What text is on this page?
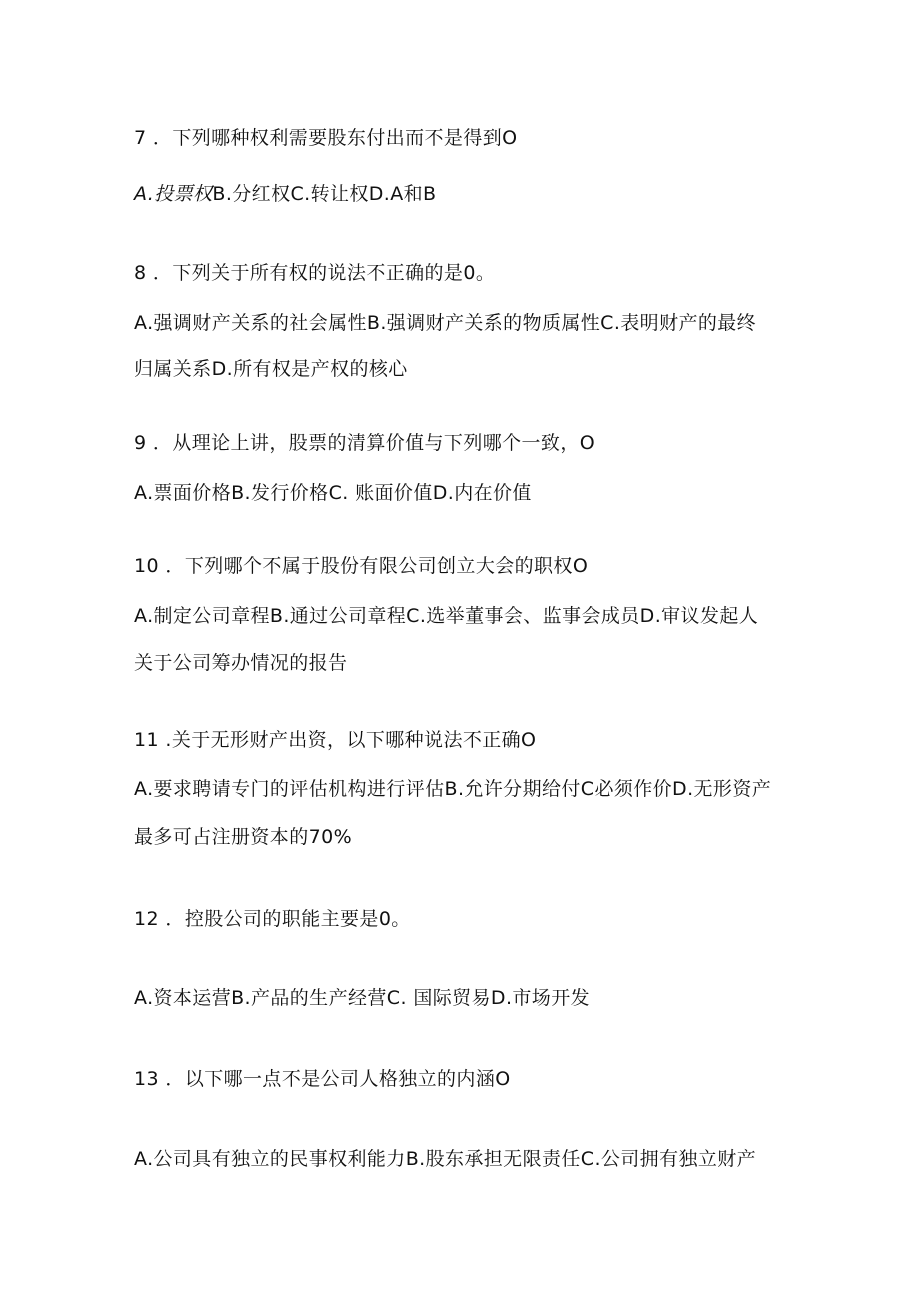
7 ．下列哪种权利需要股东付出而不是得到O
A.投票权B.分红权C.转让权D.A和B
8 ．下列关于所有权的说法不正确的是0。
A.强调财产关系的社会属性B.强调财产关系的物质属性C.表明财产的最终
归属关系D.所有权是产权的核心
9 ．从理论上讲，股票的清算价值与下列哪个一致，O
A.票面价格B.发行价格C. 账面价值D.内在价值
10 ．下列哪个不属于股份有限公司创立大会的职权O
A.制定公司章程B.通过公司章程C.选举董事会、监事会成员D.审议发起人
关于公司筹办情况的报告
11 .关于无形财产出资，以下哪种说法不正确O
A.要求聘请专门的评估机构进行评估B.允许分期给付C必须作价D.无形资产
最多可占注册资本的70%
12 ．控股公司的职能主要是0。
A.资本运营B.产品的生产经营C. 国际贸易D.市场开发
13 ．以下哪一点不是公司人格独立的内涵O
A.公司具有独立的民事权利能力B.股东承担无限责任C.公司拥有独立财产
